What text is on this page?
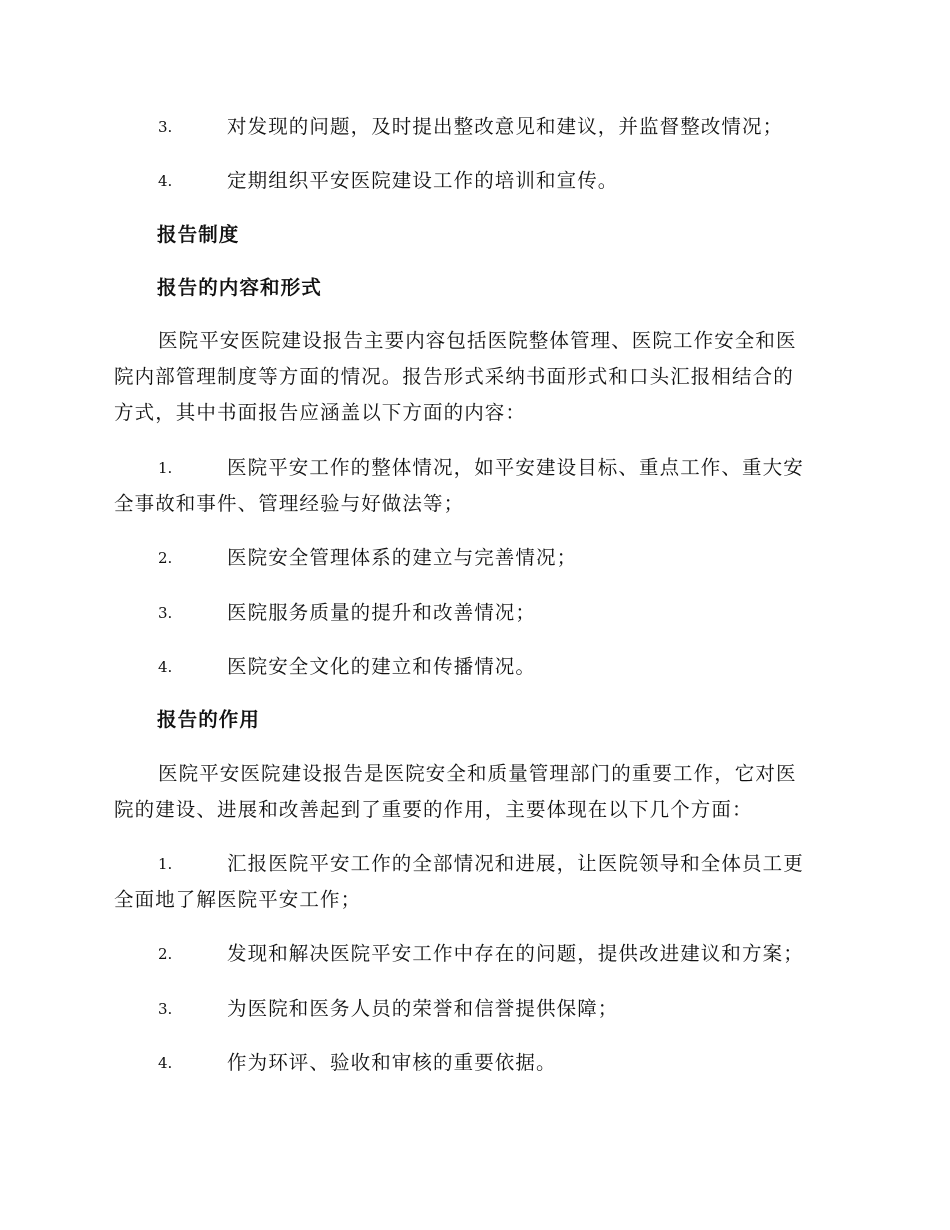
3.	对发现的问题，及时提出整改意见和建议，并监督整改情况；
4.	定期组织平安医院建设工作的培训和宣传。
报告制度
报告的内容和形式
医院平安医院建设报告主要内容包括医院整体管理、医院工作安全和医
院内部管理制度等方面的情况。报告形式采纳书面形式和口头汇报相结合的
方式，其中书面报告应涵盖以下方面的内容：
1.	医院平安工作的整体情况，如平安建设目标、重点工作、重大安
全事故和事件、管理经验与好做法等；
2.	医院安全管理体系的建立与完善情况；
3.	医院服务质量的提升和改善情况；
4.	医院安全文化的建立和传播情况。
报告的作用
医院平安医院建设报告是医院安全和质量管理部门的重要工作，它对医
院的建设、进展和改善起到了重要的作用，主要体现在以下几个方面：
1.	汇报医院平安工作的全部情况和进展，让医院领导和全体员工更
全面地了解医院平安工作；
2.	发现和解决医院平安工作中存在的问题，提供改进建议和方案；
3.	为医院和医务人员的荣誉和信誉提供保障；
4.	作为环评、验收和审核的重要依据。
